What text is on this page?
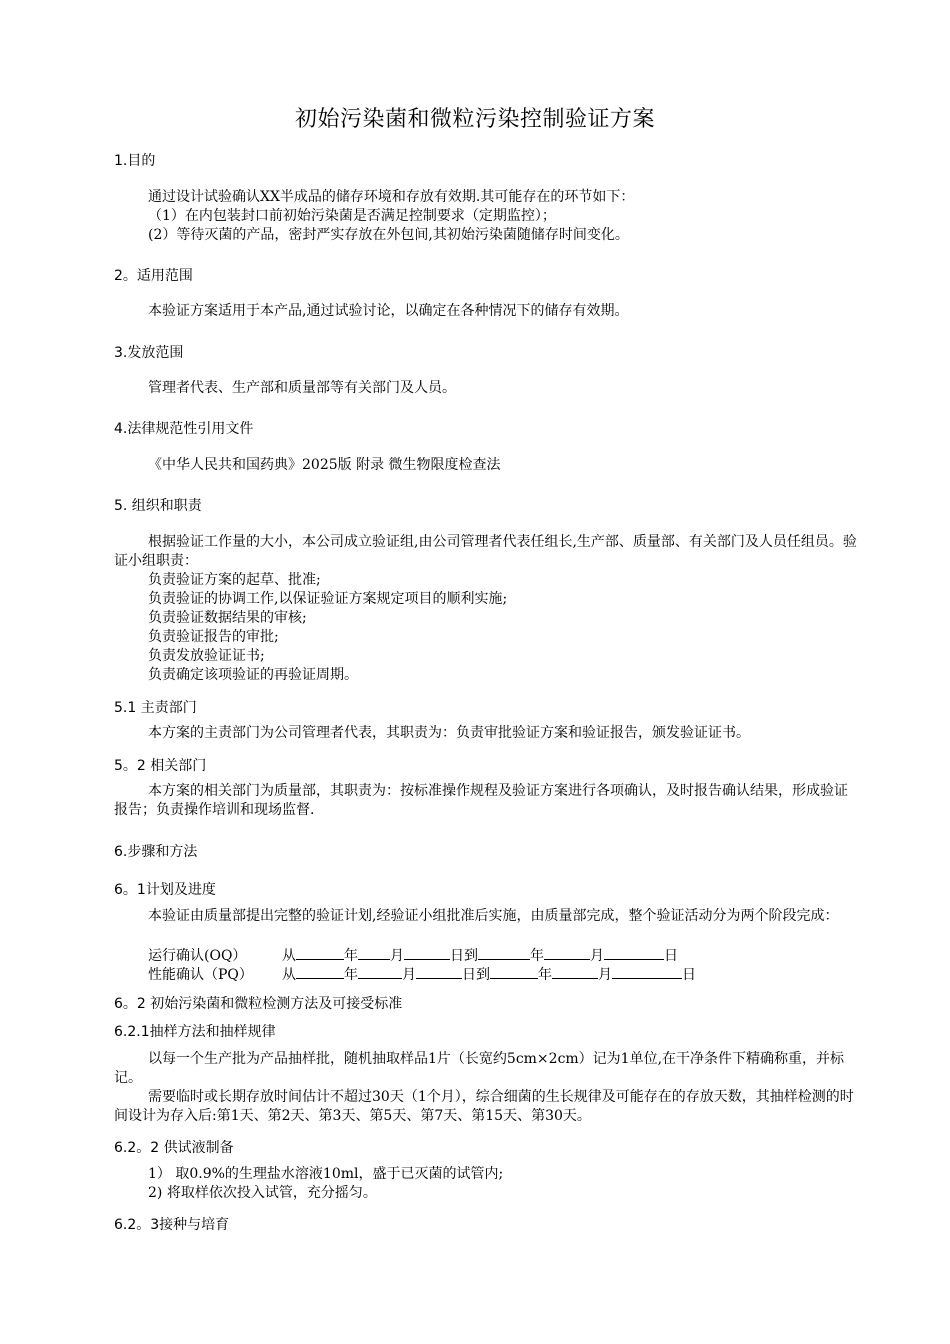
初始污染菌和微粒污染控制验证方案
1.目的
通过设计试验确认XX半成品的储存环境和存放有效期.其可能存在的环节如下：
（1）在内包装封口前初始污染菌是否满足控制要求（定期监控）；
(2）等待灭菌的产品，密封严实存放在外包间,其初始污染菌随储存时间变化。
2。适用范围
本验证方案适用于本产品,通过试验讨论，以确定在各种情况下的储存有效期。
3.发放范围
管理者代表、生产部和质量部等有关部门及人员。
4.法律规范性引用文件
《中华人民共和国药典》2025版 附录 微生物限度检查法
5. 组织和职责
根据验证工作量的大小，本公司成立验证组,由公司管理者代表任组长,生产部、质量部、有关部门及人员任组员。验证小组职责：
负责验证方案的起草、批准;
负责验证的协调工作,以保证验证方案规定项目的顺利实施;
负责验证数据结果的审核;
负责验证报告的审批;
负责发放验证证书;
负责确定该项验证的再验证周期。
5.1 主责部门
本方案的主责部门为公司管理者代表，其职责为：负责审批验证方案和验证报告，颁发验证证书。
5。2 相关部门
本方案的相关部门为质量部，其职责为：按标准操作规程及验证方案进行各项确认，及时报告确认结果，形成验证报告；负责操作培训和现场监督.
6.步骤和方法
6。1计划及进度
本验证由质量部提出完整的验证计划,经验证小组批准后实施，由质量部完成，整个验证活动分为两个阶段完成：
运行确认(OQ）	从	年 月	日到	年	月	日
性能确认（PQ） 从	年	月	日到	年	月	日
6。2 初始污染菌和微粒检测方法及可接受标准
6.2.1抽样方法和抽样规律
以每一个生产批为产品抽样批，随机抽取样品1片（长宽约5cm×2cm）记为1单位,在干净条件下精确称重，并标记。
需要临时或长期存放时间估计不超过30天（1个月），综合细菌的生长规律及可能存在的存放天数，其抽样检测的时间设计为存入后:第1天、第2天、第3天、第5天、第7天、第15天、第30天。
6.2。2 供试液制备
1） 取0.9%的生理盐水溶液10ml，盛于已灭菌的试管内;
2) 将取样依次投入试管，充分摇匀。
6.2。3接种与培育
